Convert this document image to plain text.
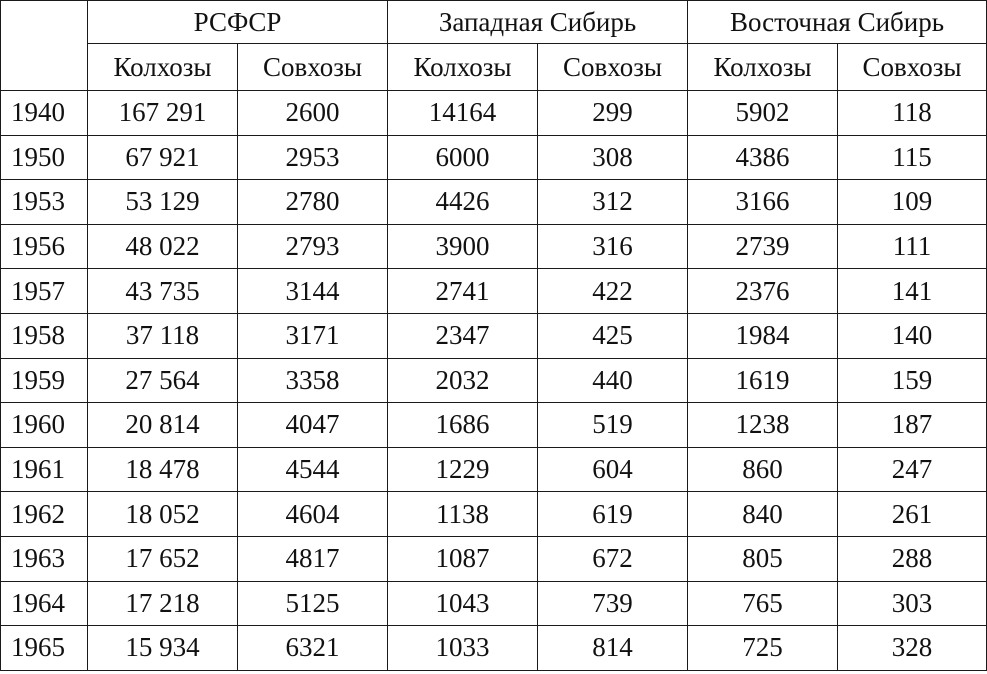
	РСФСР		Западная Сибирь		Восточная Сибирь	
	Колхозы	Совхозы	Колхозы	Совхозы	Колхозы	Совхозы
1940	167 291	2600	14164	299	5902	118
1950	67 921	2953	6000	308	4386	115
1953	53 129	2780	4426	312	3166	109
1956	48 022	2793	3900	316	2739	111
1957	43 735	3144	2741	422	2376	141
1958	37 118	3171	2347	425	1984	140
1959	27 564	3358	2032	440	1619	159
1960	20 814	4047	1686	519	1238	187
1961	18 478	4544	1229	604	860	247
1962	18 052	4604	1138	619	840	261
1963	17 652	4817	1087	672	805	288
1964	17 218	5125	1043	739	765	303
1965	15 934	6321	1033	814	725	328
